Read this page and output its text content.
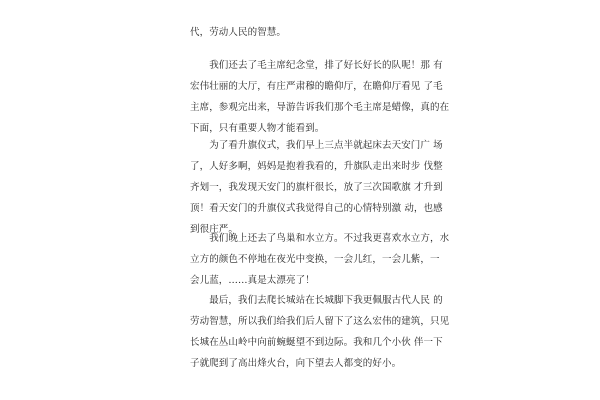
代，劳动人民的智慧。
　　我们还去了毛主席纪念堂，排了好长好长的队呢！那 有
宏伟壮丽的大厅，有庄严肃穆的瞻仰厅，在瞻仰厅看见 了毛
主席，参观完出来，导游告诉我们那个毛主席是蜡像，真的在
下面，只有重要人物才能看到。
　　为了看升旗仪式，我们早上三点半就起床去天安门广 场
了，人好多啊，妈妈是抱着我看的，升旗队走出来时步 伐整
齐划一，我发现天安门的旗杆很长，放了三次国歌旗 才升到
顶！看天安门的升旗仪式我觉得自己的心情特别激 动，也感
到很庄严。
　　我们晚上还去了鸟巢和水立方。不过我更喜欢水立方，水
立方的颜色不停地在夜光中变换，一会儿红，一会儿紫，一
会儿蓝，……真是太漂亮了！
　　最后，我们去爬长城站在长城脚下我更佩服古代人民 的
劳动智慧，所以我们给我们后人留下了这么宏伟的建筑，只见
长城在丛山岭中向前蜿蜒望不到边际。我和几个小伙 伴一下
子就爬到了高出烽火台，向下望去人都变的好小。
